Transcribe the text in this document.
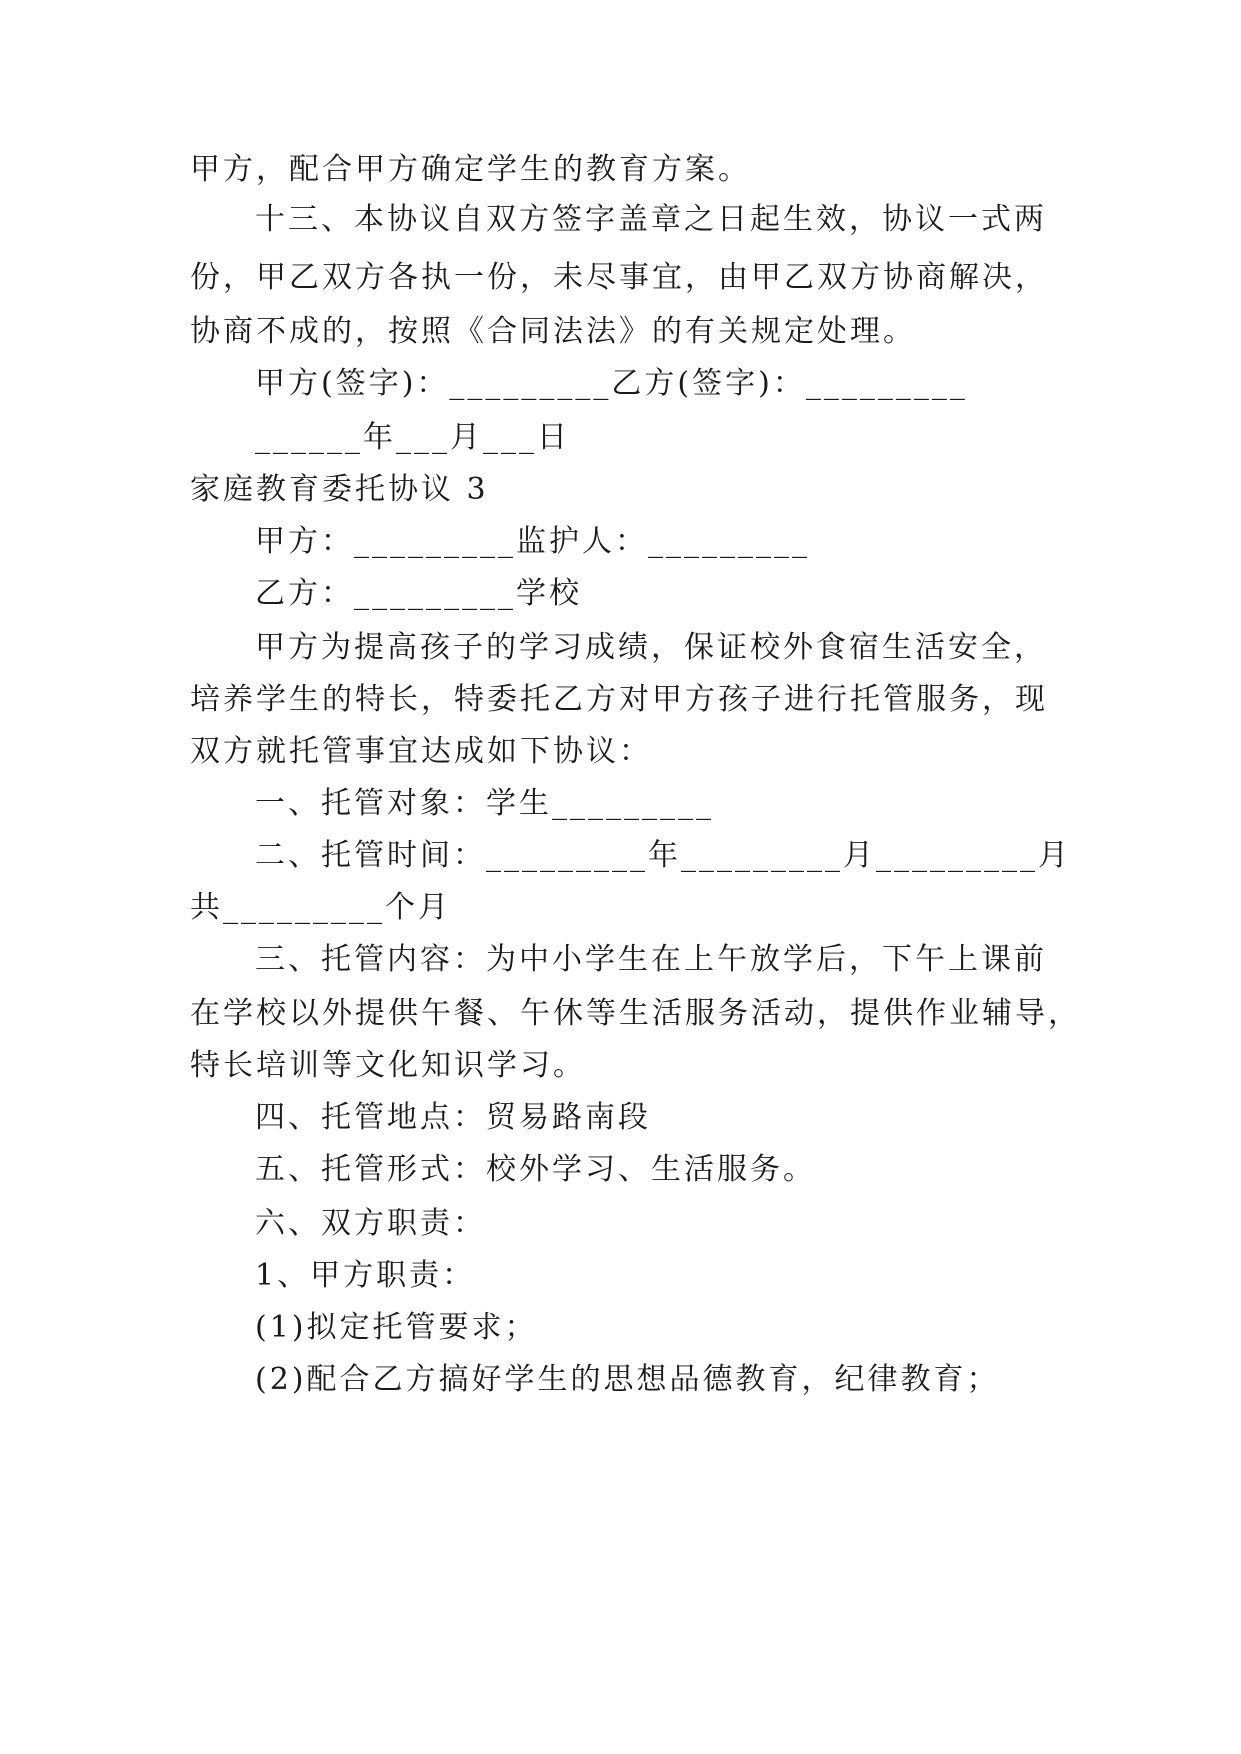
甲方，配合甲方确定学生的教育方案。
十三、本协议自双方签字盖章之日起生效，协议一式两
份，甲乙双方各执一份，未尽事宜，由甲乙双方协商解决，
协商不成的，按照《合同法法》的有关规定处理。
甲方(签字)：_________乙方(签字)：_________
______年___月___日
家庭教育委托协议 3
甲方：_________监护人：_________
乙方：_________学校
甲方为提高孩子的学习成绩，保证校外食宿生活安全，
培养学生的特长，特委托乙方对甲方孩子进行托管服务，现
双方就托管事宜达成如下协议：
一、托管对象：学生_________
二、托管时间：_________年_________月_________月
共_________个月
三、托管内容：为中小学生在上午放学后，下午上课前
在学校以外提供午餐、午休等生活服务活动，提供作业辅导，
特长培训等文化知识学习。
四、托管地点：贸易路南段
五、托管形式：校外学习、生活服务。
六、双方职责：
1、甲方职责：
(1)拟定托管要求；
(2)配合乙方搞好学生的思想品德教育，纪律教育；
